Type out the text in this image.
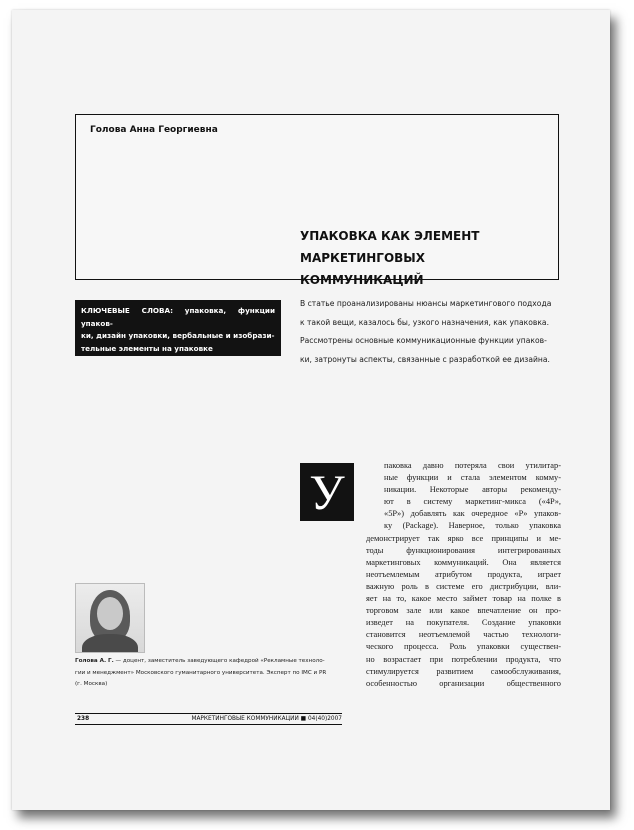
Голова Анна Георгиевна
УПАКОВКА КАК ЭЛЕМЕНТ
МАРКЕТИНГОВЫХ КОММУНИКАЦИЙ
КЛЮЧЕВЫЕ СЛОВА: упаковка, функции упаков-
ки, дизайн упаковки, вербальные и изобрази-
тельные элементы на упаковке
В статье проанализированы нюансы маркетингового подхода
к такой вещи, казалось бы, узкого назначения, как упаковка.
Рассмотрены основные коммуникационные функции упаков-
ки, затронуты аспекты, связанные с разработкой ее дизайна.
паковка давно потеряла свои утилитар-
ные функции и стала элементом комму-
никации. Некоторые авторы рекоменду-
ют в систему маркетинг-микса («4P»,
«5P») добавлять как очередное «P» упаков-
ку (Package). Наверное, только упаковка
демонстрирует так ярко все принципы и ме-
тоды функционирования интегрированных
маркетинговых коммуникаций. Она является
неотъемлемым атрибутом продукта, играет
важную роль в системе его дистрибуции, вли-
яет на то, какое место займет товар на полке в
торговом зале или какое впечатление он про-
изведет на покупателя. Создание упаковки
становится неотъемлемой частью технологи-
ческого процесса. Роль упаковки существен-
но возрастает при потреблении продукта, что
стимулируется развитием самообслуживания,
особенностью организации общественного
У
Голова А. Г. — доцент, заместитель заведующего кафедрой «Рекламные техноло-
гии и менеджмент» Московского гуманитарного университета. Эксперт по IMC и PR
(г. Москва)
238	МАРКЕТИНГОВЫЕ КОММУНИКАЦИИ ■ 04(40)2007
